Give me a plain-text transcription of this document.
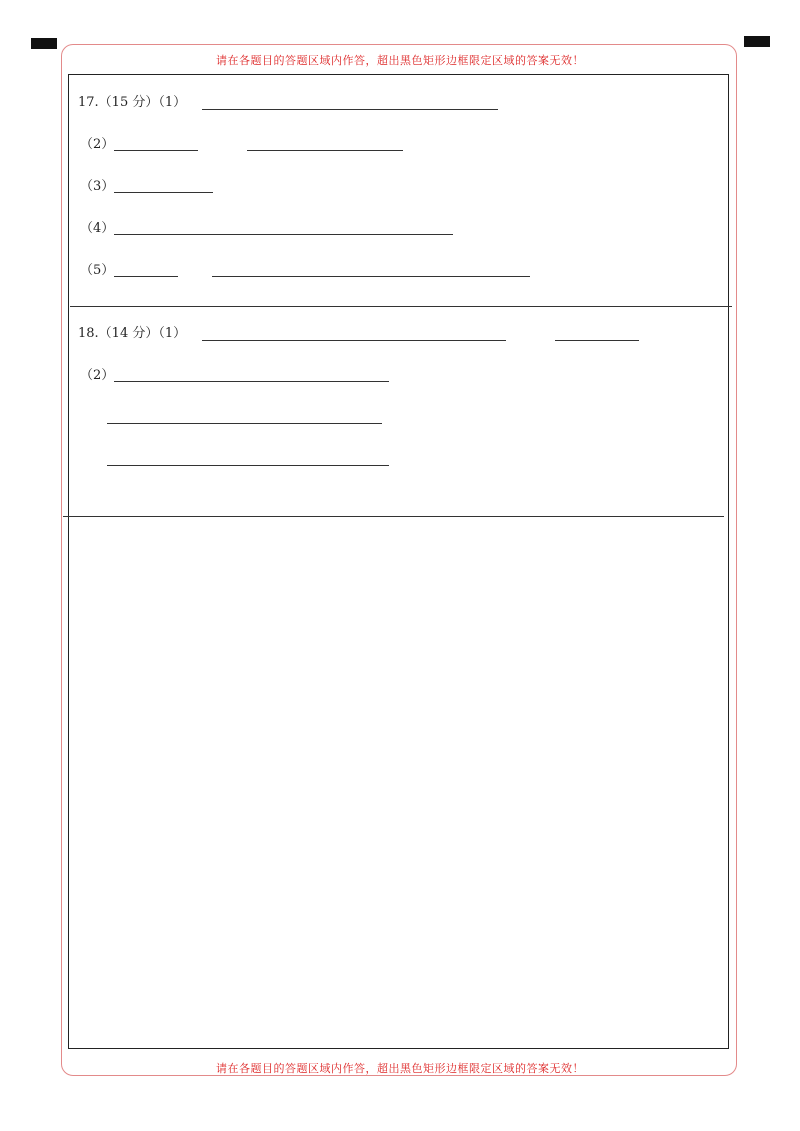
请在各题目的答题区域内作答，超出黑色矩形边框限定区域的答案无效！
请在各题目的答题区域内作答，超出黑色矩形边框限定区域的答案无效！
17.（15 分）（1）
（2）
（3）
（4）
（5）
18.（14 分）（1）
（2）
